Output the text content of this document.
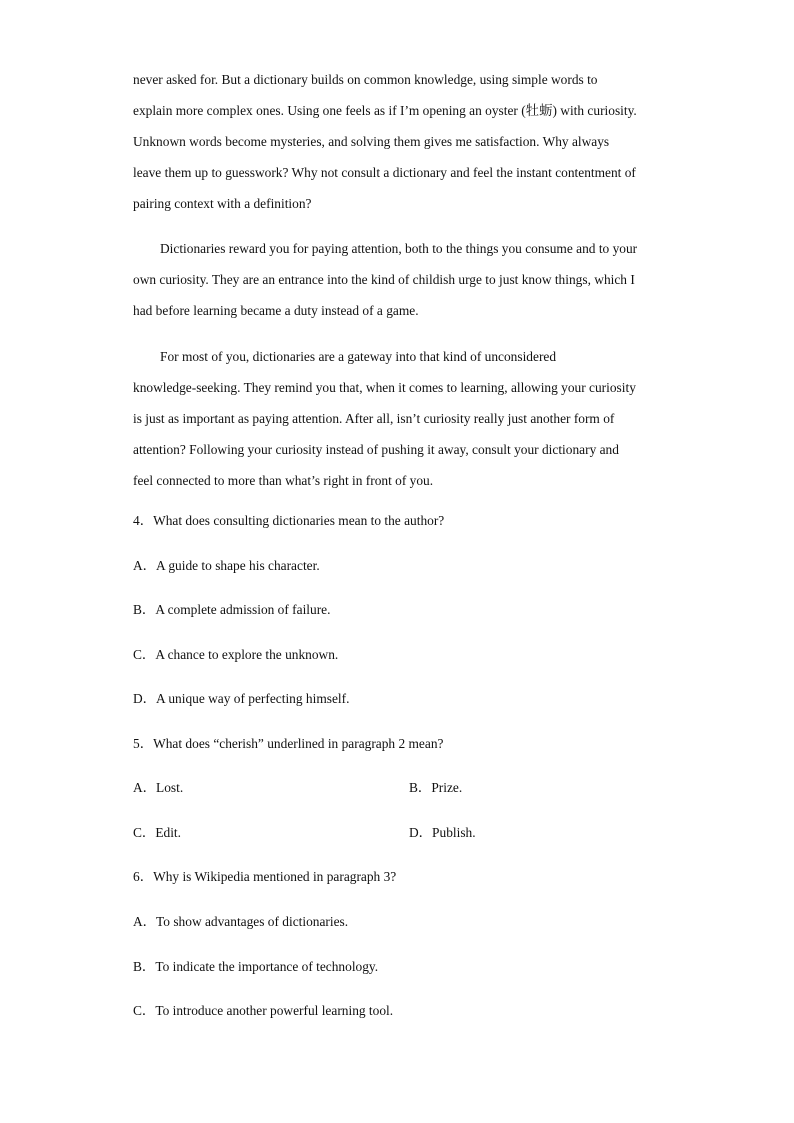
never asked for. But a dictionary builds on common knowledge, using simple words to
explain more complex ones. Using one feels as if I’m opening an oyster (牡蛎) with curiosity.
Unknown words become mysteries, and solving them gives me satisfaction. Why always
leave them up to guesswork? Why not consult a dictionary and feel the instant contentment of
pairing context with a definition?
Dictionaries reward you for paying attention, both to the things you consume and to your
own curiosity. They are an entrance into the kind of childish urge to just know things, which I
had before learning became a duty instead of a game.
For most of you, dictionaries are a gateway into that kind of unconsidered
knowledge-seeking. They remind you that, when it comes to learning, allowing your curiosity
is just as important as paying attention. After all, isn’t curiosity really just another form of
attention? Following your curiosity instead of pushing it away, consult your dictionary and
feel connected to more than what’s right in front of you.
4．What does consulting dictionaries mean to the author?
A．A guide to shape his character.
B．A complete admission of failure.
C．A chance to explore the unknown.
D．A unique way of perfecting himself.
5．What does “cherish” underlined in paragraph 2 mean?
A．Lost.	B．Prize.
C．Edit.	D．Publish.
6．Why is Wikipedia mentioned in paragraph 3?
A．To show advantages of dictionaries.
B．To indicate the importance of technology.
C．To introduce another powerful learning tool.
